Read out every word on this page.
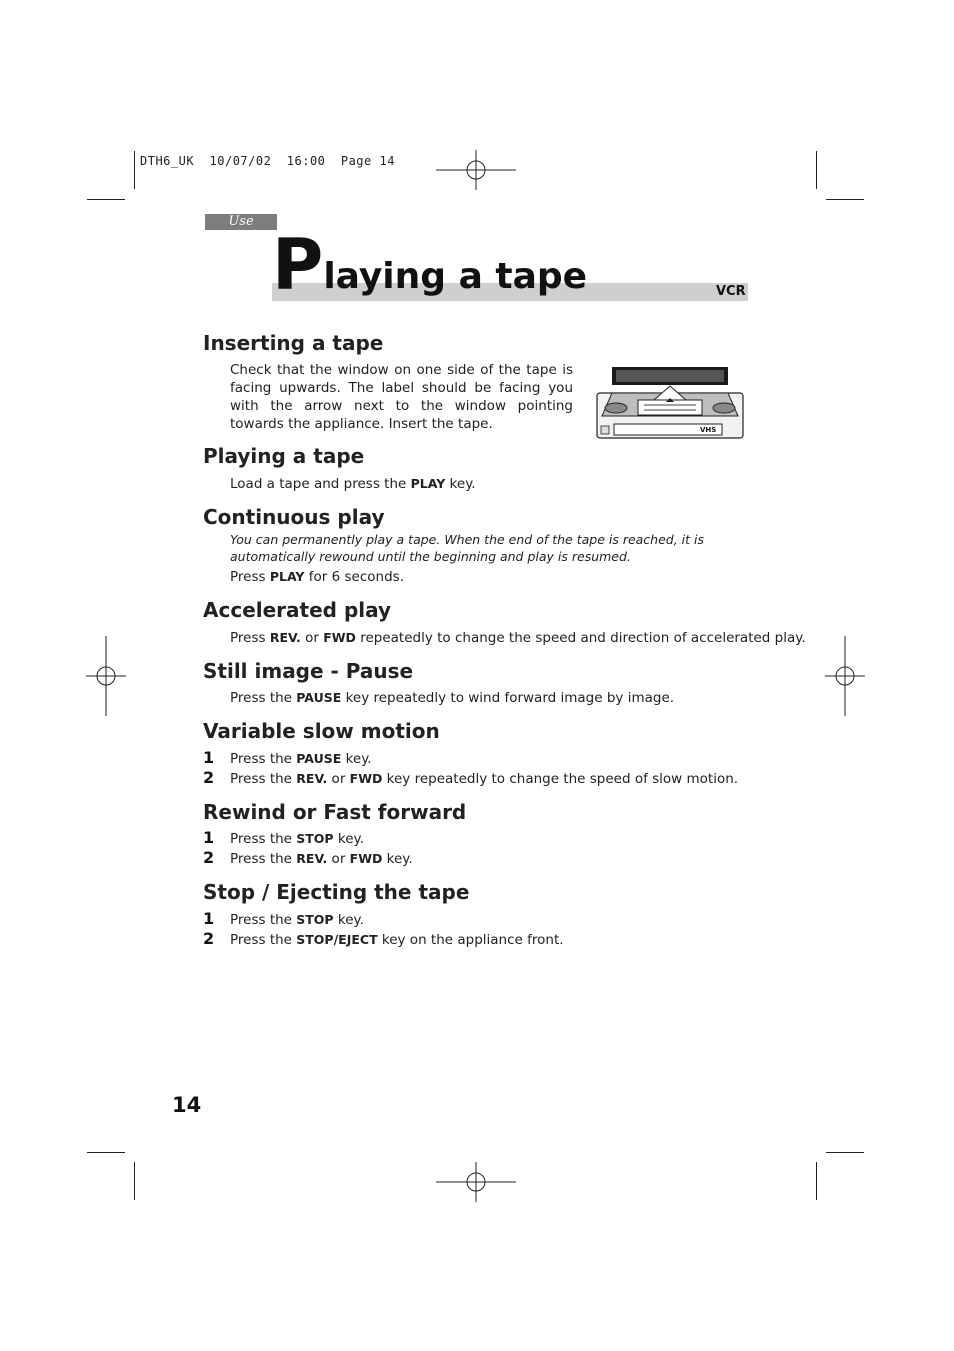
DTH6_UK  10/07/02  16:00  Page 14
Use
Playing a tape	VCR
Inserting a tape
Check that the window on one side of the tape is facing upwards. The label should be facing you with the arrow next to the window pointing towards the appliance. Insert the tape.	VHS
Playing a tape
Load a tape and press the PLAY key.
Continuous play
You can permanently play a tape. When the end of the tape is reached, it is
automatically rewound until the beginning and play is resumed.
Press PLAY for 6 seconds.
Accelerated play
Press REV. or FWD repeatedly to change the speed and direction of accelerated play.
Still image - Pause
Press the PAUSE key repeatedly to wind forward image by image.
Variable slow motion
1 Press the PAUSE key.
2 Press the REV. or FWD key repeatedly to change the speed of slow motion.
Rewind or Fast forward
1 Press the STOP key.
2 Press the REV. or FWD key.
Stop / Ejecting the tape
1 Press the STOP key.
2 Press the STOP/EJECT key on the appliance front.
14
